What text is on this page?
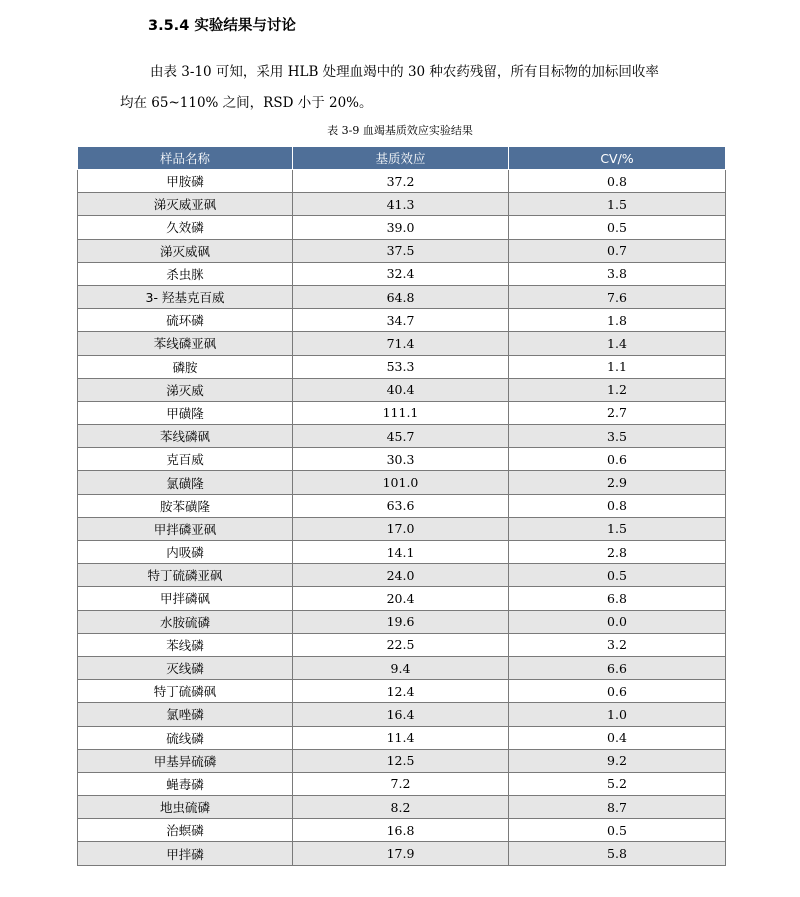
3.5.4 实验结果与讨论
由表 3-10 可知，采用 HLB 处理血竭中的 30 种农药残留，所有目标物的加标回收率
均在 65~110% 之间，RSD 小于 20%。
表 3-9 血竭基质效应实验结果
样品名称	基质效应	CV/%
甲胺磷	37.2	0.8
涕灭威亚砜	41.3	1.5
久效磷	39.0	0.5
涕灭威砜	37.5	0.7
杀虫脒	32.4	3.8
3- 羟基克百威	64.8	7.6
硫环磷	34.7	1.8
苯线磷亚砜	71.4	1.4
磷胺	53.3	1.1
涕灭威	40.4	1.2
甲磺隆	111.1	2.7
苯线磷砜	45.7	3.5
克百威	30.3	0.6
氯磺隆	101.0	2.9
胺苯磺隆	63.6	0.8
甲拌磷亚砜	17.0	1.5
内吸磷	14.1	2.8
特丁硫磷亚砜	24.0	0.5
甲拌磷砜	20.4	6.8
水胺硫磷	19.6	0.0
苯线磷	22.5	3.2
灭线磷	9.4	6.6
特丁硫磷砜	12.4	0.6
氯唑磷	16.4	1.0
硫线磷	11.4	0.4
甲基异硫磷	12.5	9.2
蝇毒磷	7.2	5.2
地虫硫磷	8.2	8.7
治螟磷	16.8	0.5
甲拌磷	17.9	5.8
